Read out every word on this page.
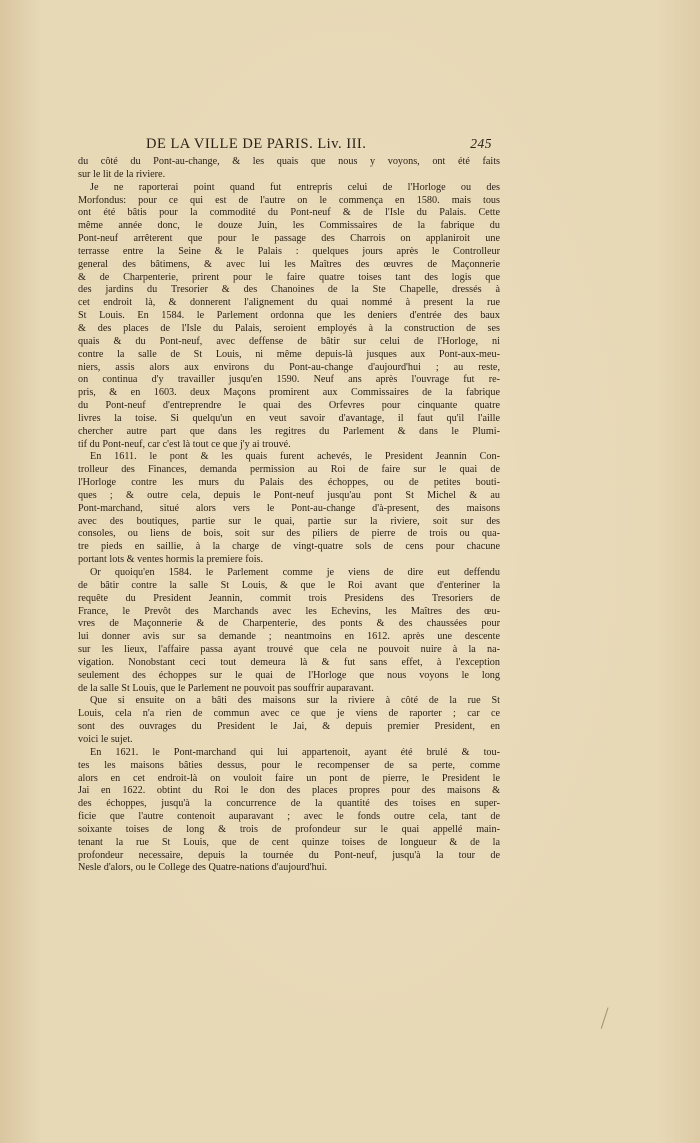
DE LA VILLE DE PARIS. Liv. III.	245
du côté du Pont-au-change, & les quais que nous y voyons, ont été faits
sur le lit de la riviere.
Je ne raporterai point quand fut entrepris celui de l'Horloge ou des
Morfondus: pour ce qui est de l'autre on le commença en 1580. mais tous
ont été bâtis pour la commodité du Pont-neuf & de l'Isle du Palais. Cette
même année donc, le douze Juin, les Commissaires de la fabrique du
Pont-neuf arrêterent que pour le passage des Charrois on applaniroit une
terrasse entre la Seine & le Palais : quelques jours après le Controlleur
general des bâtimens, & avec lui les Maîtres des œuvres de Maçonnerie
& de Charpenterie, prirent pour le faire quatre toises tant des logis que
des jardins du Tresorier & des Chanoines de la Ste Chapelle, dressés à
cet endroit là, & donnerent l'alignement du quai nommé à present la rue
St Louis. En 1584. le Parlement ordonna que les deniers d'entrée des baux
& des places de l'Isle du Palais, seroient employés à la construction de ses
quais & du Pont-neuf, avec deffense de bâtir sur celui de l'Horloge, ni
contre la salle de St Louis, ni même depuis-là jusques aux Pont-aux-meu-
niers, assis alors aux environs du Pont-au-change d'aujourd'hui ; au reste,
on continua d'y travailler jusqu'en 1590. Neuf ans après l'ouvrage fut re-
pris, & en 1603. deux Maçons promirent aux Commissaires de la fabrique
du Pont-neuf d'entreprendre le quai des Orfevres pour cinquante quatre
livres la toise. Si quelqu'un en veut savoir d'avantage, il faut qu'il l'aille
chercher autre part que dans les regitres du Parlement & dans le Plumi-
tif du Pont-neuf, car c'est là tout ce que j'y ai trouvé.
En 1611. le pont & les quais furent achevés, le President Jeannin Con-
trolleur des Finances, demanda permission au Roi de faire sur le quai de
l'Horloge contre les murs du Palais des échoppes, ou de petites bouti-
ques ; & outre cela, depuis le Pont-neuf jusqu'au pont St Michel & au
Pont-marchand, situé alors vers le Pont-au-change d'à-present, des maisons
avec des boutiques, partie sur le quai, partie sur la riviere, soit sur des
consoles, ou liens de bois, soit sur des piliers de pierre de trois ou qua-
tre pieds en saillie, à la charge de vingt-quatre sols de cens pour chacune
portant lots & ventes hormis la premiere fois.
Or quoiqu'en 1584. le Parlement comme je viens de dire eut deffendu
de bâtir contre la salle St Louis, & que le Roi avant que d'enteriner la
requête du President Jeannin, commit trois Presidens des Tresoriers de
France, le Prevôt des Marchands avec les Echevins, les Maîtres des œu-
vres de Maçonnerie & de Charpenterie, des ponts & des chaussées pour
lui donner avis sur sa demande ; neantmoins en 1612. après une descente
sur les lieux, l'affaire passa ayant trouvé que cela ne pouvoit nuire à la na-
vigation. Nonobstant ceci tout demeura là & fut sans effet, à l'exception
seulement des échoppes sur le quai de l'Horloge que nous voyons le long
de la salle St Louis, que le Parlement ne pouvoit pas souffrir auparavant.
Que si ensuite on a bâti des maisons sur la riviere à côté de la rue St
Louis, cela n'a rien de commun avec ce que je viens de raporter ; car ce
sont des ouvrages du President le Jai, & depuis premier President, en
voici le sujet.
En 1621. le Pont-marchand qui lui appartenoit, ayant été brulé & tou-
tes les maisons bâties dessus, pour le recompenser de sa perte, comme
alors en cet endroit-là on vouloit faire un pont de pierre, le President le
Jai en 1622. obtint du Roi le don des places propres pour des maisons &
des échoppes, jusqu'à la concurrence de la quantité des toises en super-
ficie que l'autre contenoit auparavant ; avec le fonds outre cela, tant de
soixante toises de long & trois de profondeur sur le quai appellé main-
tenant la rue St Louis, que de cent quinze toises de longueur & de la
profondeur necessaire, depuis la tournée du Pont-neuf, jusqu'à la tour de
Nesle d'alors, ou le College des Quatre-nations d'aujourd'hui.
